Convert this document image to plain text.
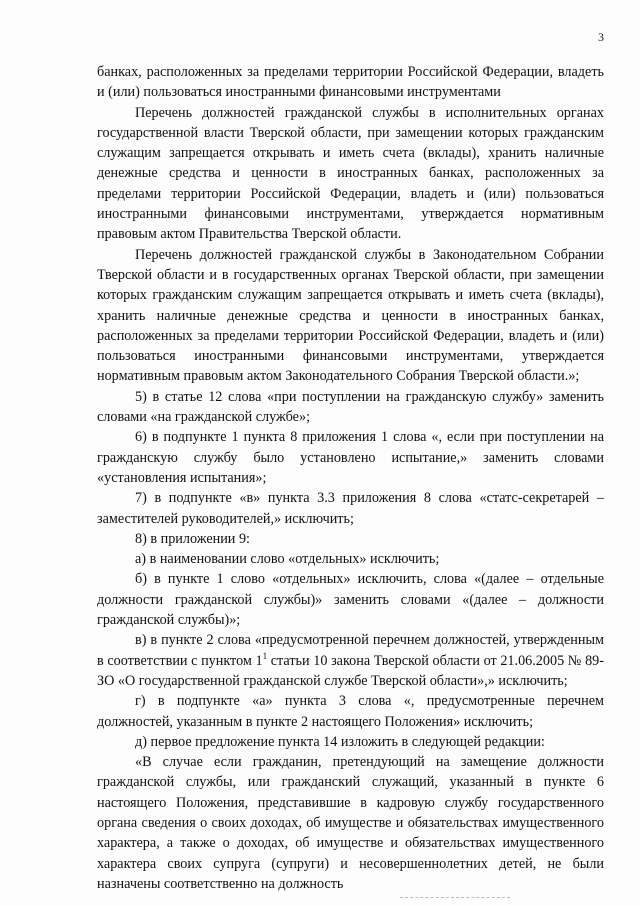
3

банках, расположенных за пределами территории Российской Федерации, владеть и (или) пользоваться иностранными финансовыми инструментами

Перечень должностей гражданской службы в исполнительных органах государственной власти Тверской области, при замещении которых гражданским служащим запрещается открывать и иметь счета (вклады), хранить наличные денежные средства и ценности в иностранных банках, расположенных за пределами территории Российской Федерации, владеть и (или) пользоваться иностранными финансовыми инструментами, утверждается нормативным правовым актом Правительства Тверской области.

Перечень должностей гражданской службы в Законодательном Собрании Тверской области и в государственных органах Тверской области, при замещении которых гражданским служащим запрещается открывать и иметь счета (вклады), хранить наличные денежные средства и ценности в иностранных банках, расположенных за пределами территории Российской Федерации, владеть и (или) пользоваться иностранными финансовыми инструментами, утверждается нормативным правовым актом Законодательного Собрания Тверской области.»;

5) в статье 12 слова «при поступлении на гражданскую службу» заменить словами «на гражданской службе»;

6) в подпункте 1 пункта 8 приложения 1 слова «, если при поступлении на гражданскую службу было установлено испытание,» заменить словами «установления испытания»;

7) в подпункте «в» пункта 3.3 приложения 8 слова «статс-секретарей – заместителей руководителей,» исключить;

8) в приложении 9:

а) в наименовании слово «отдельных» исключить;

б) в пункте 1 слово «отдельных» исключить, слова «(далее – отдельные должности гражданской службы)» заменить словами «(далее – должности гражданской службы)»;

в) в пункте 2 слова «предусмотренной перечнем должностей, утвержденным в соответствии с пунктом $1^1$ статьи 10 закона Тверской области от 21.06.2005 № 89-ЗО «О государственной гражданской службе Тверской области»,» исключить;

г) в подпункте «а» пункта 3 слова «, предусмотренные перечнем должностей, указанным в пункте 2 настоящего Положения» исключить;

д) первое предложение пункта 14 изложить в следующей редакции:

«В случае если гражданин, претендующий на замещение должности гражданской службы, или гражданский служащий, указанный в пункте 6 настоящего Положения, представившие в кадровую службу государственного органа сведения о своих доходах, об имуществе и обязательствах имущественного характера, а также о доходах, об имуществе и обязательствах имущественного характера своих супруга (супруги) и несовершеннолетних детей, не были назначены соответственно на должность
